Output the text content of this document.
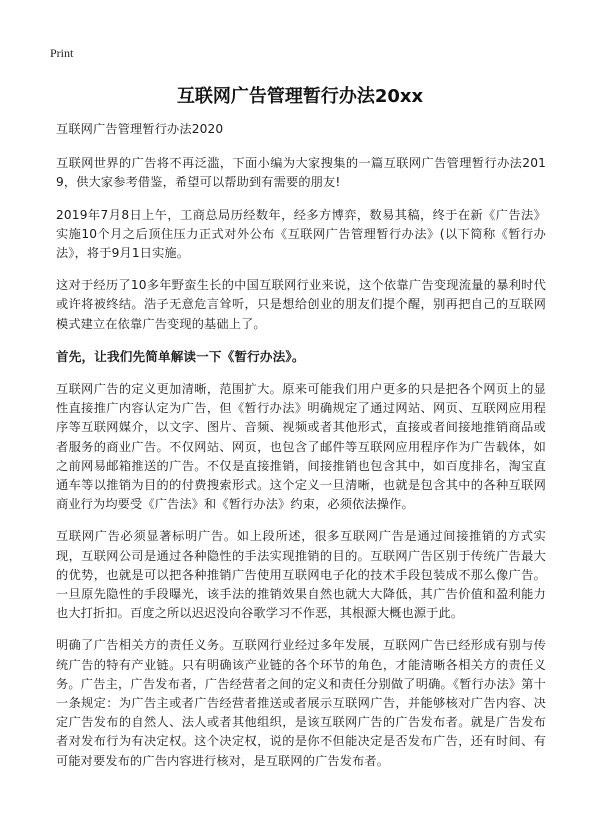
Print
互联网广告管理暂行办法20xx

互联网广告管理暂行办法2020

互联网世界的广告将不再泛滥，下面小编为大家搜集的一篇互联网广告管理暂行办法2019，供大家参考借鉴，希望可以帮助到有需要的朋友!

2019年7月8日上午，工商总局历经数年，经多方博弈，数易其稿，终于在新《广告法》实施10个月之后顶住压力正式对外公布《互联网广告管理暂行办法》(以下简称《暂行办法》，将于9月1日实施。

这对于经历了10多年野蛮生长的中国互联网行业来说，这个依靠广告变现流量的暴利时代或许将被终结。浩子无意危言耸听，只是想给创业的朋友们提个醒，别再把自己的互联网模式建立在依靠广告变现的基础上了。

首先，让我们先简单解读一下《暂行办法》。

互联网广告的定义更加清晰，范围扩大。原来可能我们用户更多的只是把各个网页上的显性直接推广内容认定为广告，但《暂行办法》明确规定了通过网站、网页、互联网应用程序等互联网媒介，以文字、图片、音频、视频或者其他形式，直接或者间接地推销商品或者服务的商业广告。不仅网站、网页，也包含了邮件等互联网应用程序作为广告载体，如之前网易邮箱推送的广告。不仅是直接推销，间接推销也包含其中，如百度排名，淘宝直通车等以推销为目的的付费搜索形式。这个定义一旦清晰，也就是包含其中的各种互联网商业行为均要受《广告法》和《暂行办法》约束，必须依法操作。

互联网广告必须显著标明广告。如上段所述，很多互联网广告是通过间接推销的方式实现，互联网公司是通过各种隐性的手法实现推销的目的。互联网广告区别于传统广告最大的优势，也就是可以把各种推销广告使用互联网电子化的技术手段包装成不那么像广告。一旦原先隐性的手段曝光，该手法的推销效果自然也就大大降低，其广告价值和盈利能力也大打折扣。百度之所以迟迟没向谷歌学习不作恶，其根源大概也源于此。

明确了广告相关方的责任义务。互联网行业经过多年发展，互联网广告已经形成有别与传统广告的特有产业链。只有明确该产业链的各个环节的角色，才能清晰各相关方的责任义务。广告主，广告发布者，广告经营者之间的定义和责任分别做了明确。《暂行办法》第十一条规定：为广告主或者广告经营者推送或者展示互联网广告，并能够核对广告内容、决定广告发布的自然人、法人或者其他组织，是该互联网广告的广告发布者。就是广告发布者对发布行为有决定权。这个决定权，说的是你不但能决定是否发布广告，还有时间、有可能对要发布的广告内容进行核对，是互联网的广告发布者。
